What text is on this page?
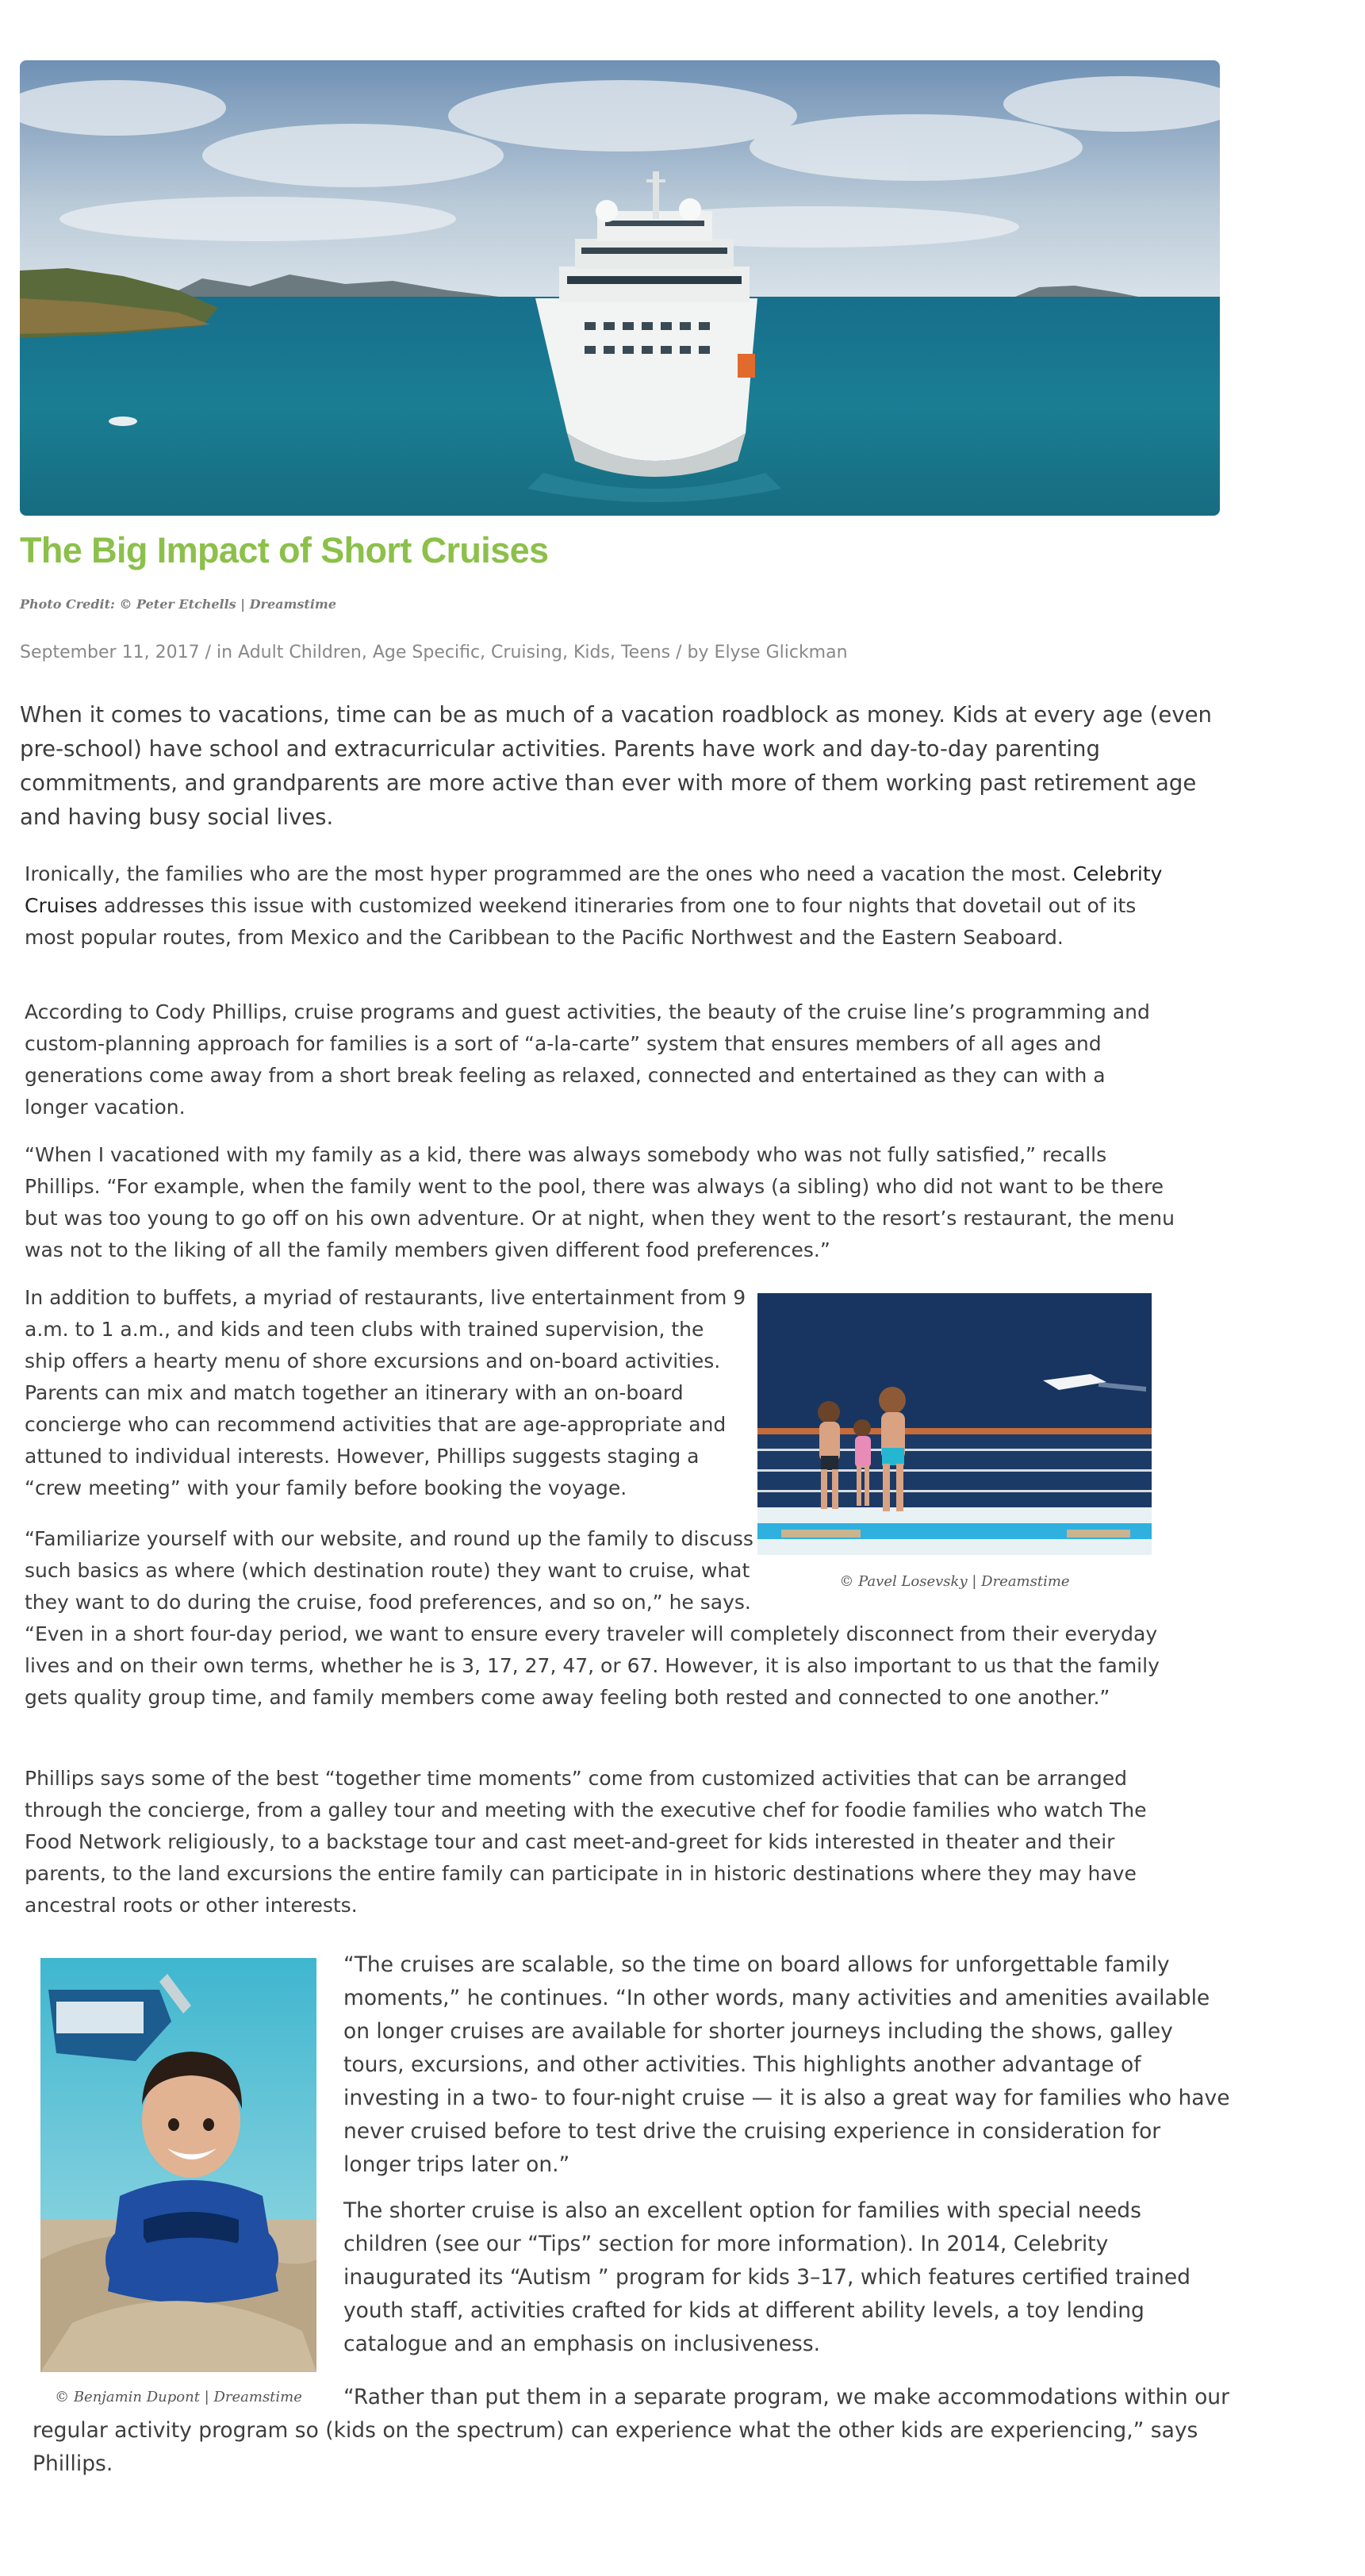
The Big Impact of Short Cruises
Photo Credit: © Peter Etchells | Dreamstime
September 11, 2017 / in Adult Children, Age Specific, Cruising, Kids, Teens / by Elyse Glickman

When it comes to vacations, time can be as much of a vacation roadblock as money. Kids at every age (even pre-school) have school and extracurricular activities. Parents have work and day-to-day parenting commitments, and grandparents are more active than ever with more of them working past retirement age and having busy social lives.

Ironically, the families who are the most hyper programmed are the ones who need a vacation the most. Celebrity Cruises addresses this issue with customized weekend itineraries from one to four nights that dovetail out of its most popular routes, from Mexico and the Caribbean to the Pacific Northwest and the Eastern Seaboard.

According to Cody Phillips, cruise programs and guest activities, the beauty of the cruise line’s programming and custom-planning approach for families is a sort of “a-la-carte” system that ensures members of all ages and generations come away from a short break feeling as relaxed, connected and entertained as they can with a longer vacation.

“When I vacationed with my family as a kid, there was always somebody who was not fully satisfied,” recalls Phillips. “For example, when the family went to the pool, there was always (a sibling) who did not want to be there but was too young to go off on his own adventure. Or at night, when they went to the resort’s restaurant, the menu was not to the liking of all the family members given different food preferences.”

In addition to buffets, a myriad of restaurants, live entertainment from 9 a.m. to 1 a.m., and kids and teen clubs with trained supervision, the ship offers a hearty menu of shore excursions and on-board activities. Parents can mix and match together an itinerary with an on-board concierge who can recommend activities that are age-appropriate and attuned to individual interests. However, Phillips suggests staging a “crew meeting” with your family before booking the voyage.

© Pavel Losevsky | Dreamstime

“Familiarize yourself with our website, and round up the family to discuss such basics as where (which destination route) they want to cruise, what they want to do during the cruise, food preferences, and so on,” he says. “Even in a short four-day period, we want to ensure every traveler will completely disconnect from their everyday lives and on their own terms, whether he is 3, 17, 27, 47, or 67. However, it is also important to us that the family gets quality group time, and family members come away feeling both rested and connected to one another.”

Phillips says some of the best “together time moments” come from customized activities that can be arranged through the concierge, from a galley tour and meeting with the executive chef for foodie families who watch The Food Network religiously, to a backstage tour and cast meet-and-greet for kids interested in theater and their parents, to the land excursions the entire family can participate in in historic destinations where they may have ancestral roots or other interests.

© Benjamin Dupont | Dreamstime

“The cruises are scalable, so the time on board allows for unforgettable family moments,” he continues. “In other words, many activities and amenities available on longer cruises are available for shorter journeys including the shows, galley tours, excursions, and other activities. This highlights another advantage of investing in a two- to four-night cruise — it is also a great way for families who have never cruised before to test drive the cruising experience in consideration for longer trips later on.”

The shorter cruise is also an excellent option for families with special needs children (see our “Tips” section for more information). In 2014, Celebrity inaugurated its “Autism ” program for kids 3–17, which features certified trained youth staff, activities crafted for kids at different ability levels, a toy lending catalogue and an emphasis on inclusiveness.

“Rather than put them in a separate program, we make accommodations within our regular activity program so (kids on the spectrum) can experience what the other kids are experiencing,” says Phillips.
